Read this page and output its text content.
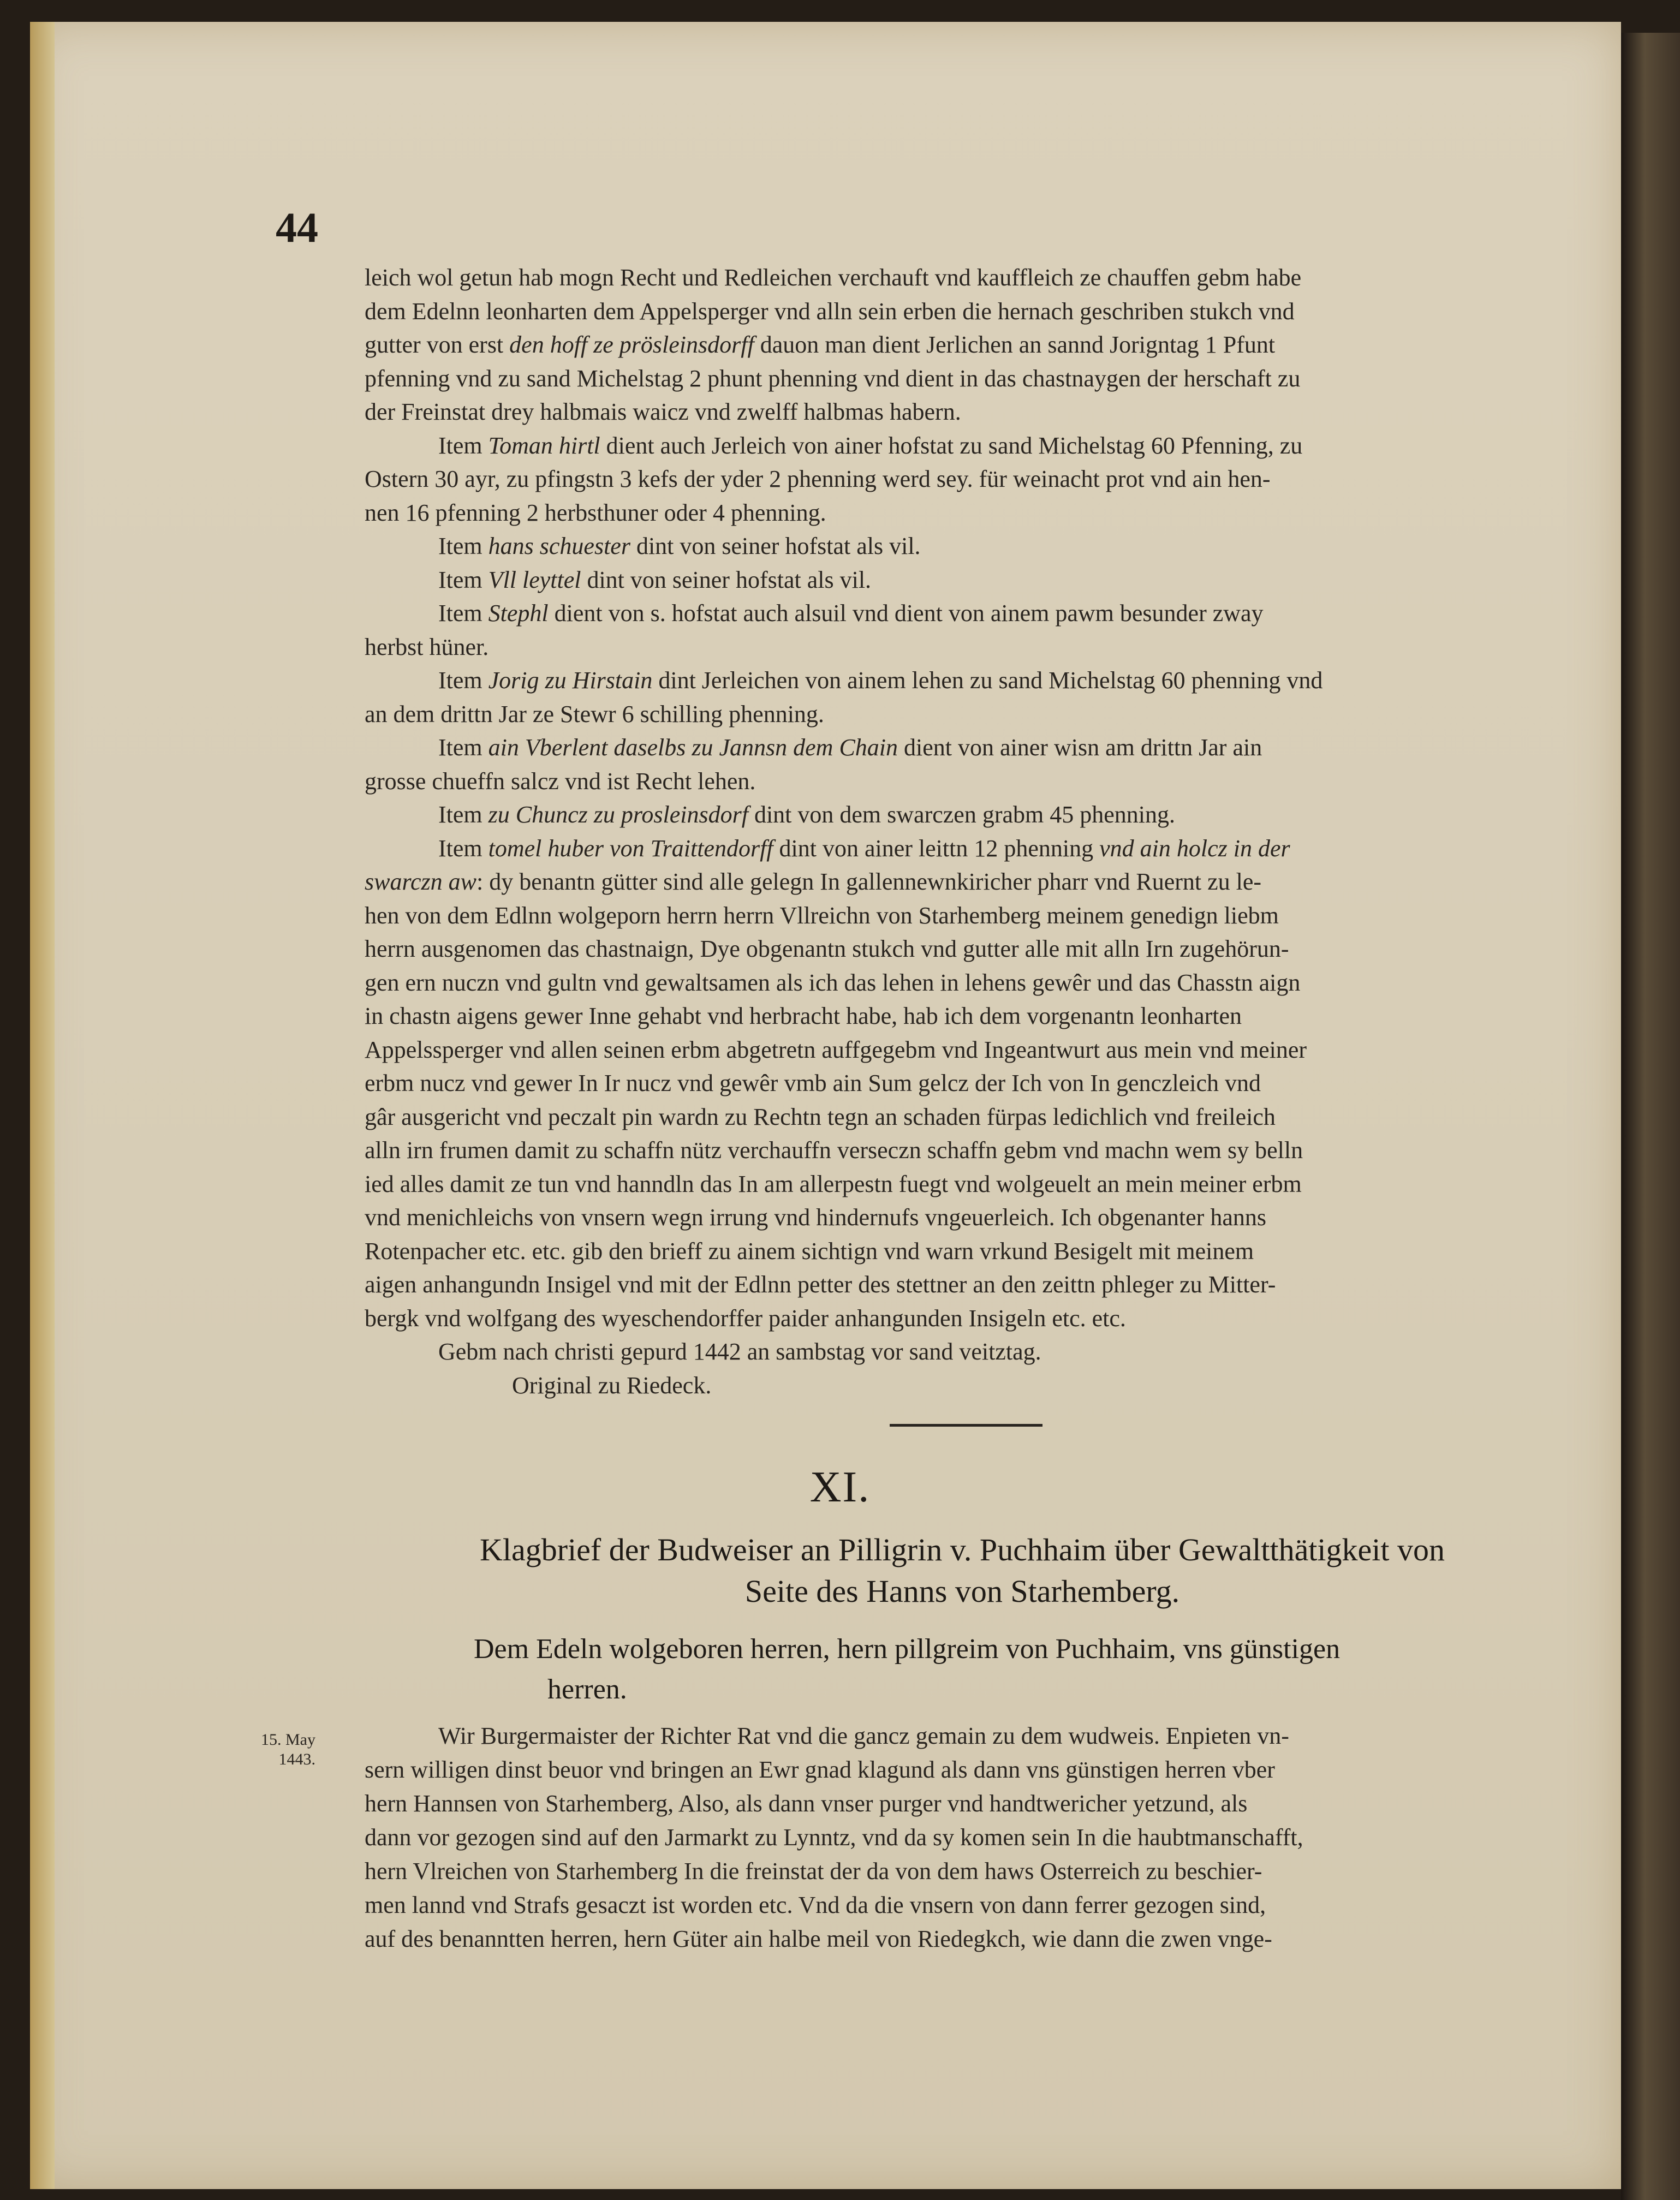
44
leich wol getun hab mogn Recht und Redleichen verchauft vnd kauffleich ze chauffen gebm habe
dem Edelnn leonharten dem Appelsperger vnd alln sein erben die hernach geschriben stukch vnd
gutter von erst den hoff ze prösleinsdorff dauon man dient Jerlichen an sannd Jorigntag 1 Pfunt
pfenning vnd zu sand Michelstag 2 phunt phenning vnd dient in das chastnaygen der herschaft zu
der Freinstat drey halbmais waicz vnd zwelff halbmas habern.
Item Toman hirtl dient auch Jerleich von ainer hofstat zu sand Michelstag 60 Pfenning, zu
Ostern 30 ayr, zu pfingstn 3 kefs der yder 2 phenning werd sey. für weinacht prot vnd ain hen-
nen 16 pfenning 2 herbsthuner oder 4 phenning.
Item hans schuester dint von seiner hofstat als vil.
Item Vll leyttel dint von seiner hofstat als vil.
Item Stephl dient von s. hofstat auch alsuil vnd dient von ainem pawm besunder zway
herbst hüner.
Item Jorig zu Hirstain dint Jerleichen von ainem lehen zu sand Michelstag 60 phenning vnd
an dem drittn Jar ze Stewr 6 schilling phenning.
Item ain Vberlent daselbs zu Jannsn dem Chain dient von ainer wisn am drittn Jar ain
grosse chueffn salcz vnd ist Recht lehen.
Item zu Chuncz zu prosleinsdorf dint von dem swarczen grabm 45 phenning.
Item tomel huber von Traittendorff dint von ainer leittn 12 phenning vnd ain holcz in der
swarczn aw: dy benantn gütter sind alle gelegn In gallennewnkiricher pharr vnd Ruernt zu le-
hen von dem Edlnn wolgeporn herrn herrn Vllreichn von Starhemberg meinem genedign liebm
herrn ausgenomen das chastnaign, Dye obgenantn stukch vnd gutter alle mit alln Irn zugehörun-
gen ern nuczn vnd gultn vnd gewaltsamen als ich das lehen in lehens gewêr und das Chasstn aign
in chastn aigens gewer Inne gehabt vnd herbracht habe, hab ich dem vorgenantn leonharten
Appelssperger vnd allen seinen erbm abgetretn auffgegebm vnd Ingeantwurt aus mein vnd meiner
erbm nucz vnd gewer In Ir nucz vnd gewêr vmb ain Sum gelcz der Ich von In genczleich vnd
gâr ausgericht vnd peczalt pin wardn zu Rechtn tegn an schaden fürpas ledichlich vnd freileich
alln irn frumen damit zu schaffn nütz verchauffn verseczn schaffn gebm vnd machn wem sy belln
ied alles damit ze tun vnd hanndln das In am allerpestn fuegt vnd wolgeuelt an mein meiner erbm
vnd menichleichs von vnsern wegn irrung vnd hindernufs vngeuerleich. Ich obgenanter hanns
Rotenpacher etc. etc. gib den brieff zu ainem sichtign vnd warn vrkund Besigelt mit meinem
aigen anhangundn Insigel vnd mit der Edlnn petter des stettner an den zeittn phleger zu Mitter-
bergk vnd wolfgang des wyeschendorffer paider anhangunden Insigeln etc. etc.
Gebm nach christi gepurd 1442 an sambstag vor sand veitztag.
Original zu Riedeck.
XI.
Klagbrief der Budweiser an Pilligrin v. Puchhaim über Gewaltthätigkeit von
Seite des Hanns von Starhemberg.
Dem Edeln wolgeboren herren, hern pillgreim von Puchhaim, vns günstigen
herren.
15. May
1443.
Wir Burgermaister der Richter Rat vnd die gancz gemain zu dem wudweis. Enpieten vn-
sern willigen dinst beuor vnd bringen an Ewr gnad klagund als dann vns günstigen herren vber
hern Hannsen von Starhemberg, Also, als dann vnser purger vnd handtwericher yetzund, als
dann vor gezogen sind auf den Jarmarkt zu Lynntz, vnd da sy komen sein In die haubtmanschafft,
hern Vlreichen von Starhemberg In die freinstat der da von dem haws Osterreich zu beschier-
men lannd vnd Strafs gesaczt ist worden etc. Vnd da die vnsern von dann ferrer gezogen sind,
auf des benanntten herren, hern Güter ain halbe meil von Riedegkch, wie dann die zwen vnge-
